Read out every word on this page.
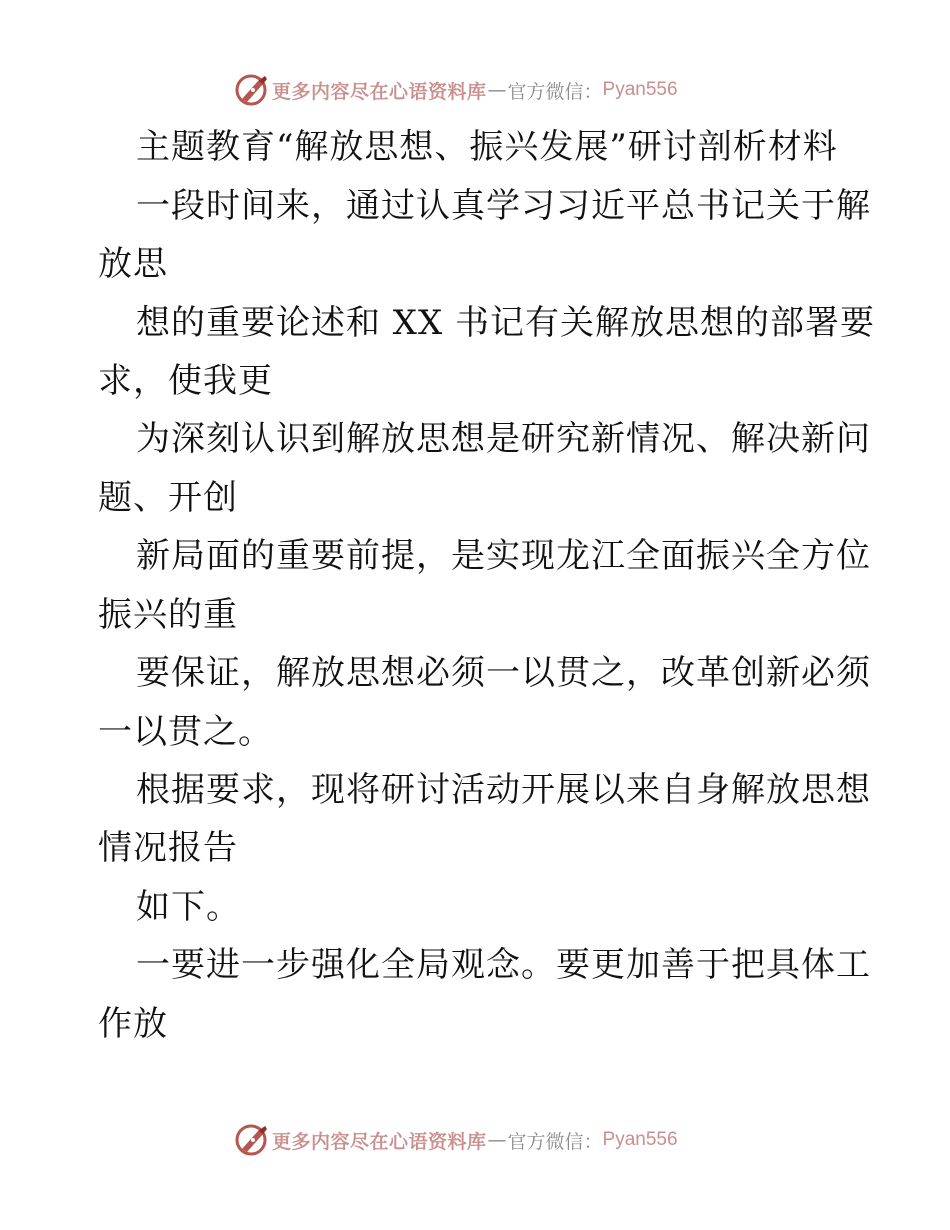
更多内容尽在心语资料库 — 官方微信： Pyan556
主题教育“解放思想、振兴发展”研讨剖析材料
一段时间来，通过认真学习习近平总书记关于解
放思
想的重要论述和 XX 书记有关解放思想的部署要
求，使我更
为深刻认识到解放思想是研究新情况、解决新问
题、开创
新局面的重要前提，是实现龙江全面振兴全方位
振兴的重
要保证，解放思想必须一以贯之，改革创新必须
一以贯之。
根据要求，现将研讨活动开展以来自身解放思想
情况报告
如下。
一要进一步强化全局观念。要更加善于把具体工
作放
更多内容尽在心语资料库 — 官方微信： Pyan556
